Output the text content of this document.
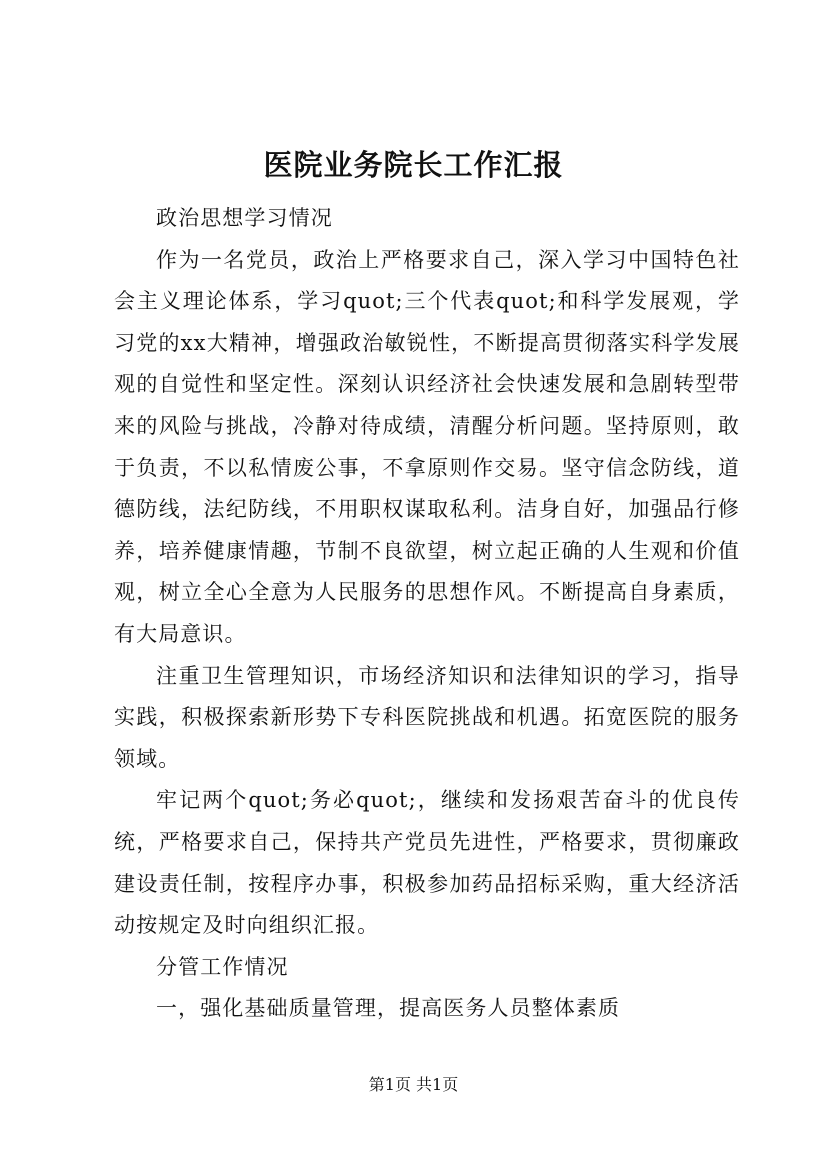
医院业务院长工作汇报

政治思想学习情况

作为一名党员，政治上严格要求自己，深入学习中国特色社会主义理论体系，学习quot;三个代表quot;和科学发展观，学习党的xx大精神，增强政治敏锐性，不断提高贯彻落实科学发展观的自觉性和坚定性。深刻认识经济社会快速发展和急剧转型带来的风险与挑战，冷静对待成绩，清醒分析问题。坚持原则，敢于负责，不以私情废公事，不拿原则作交易。坚守信念防线，道德防线，法纪防线，不用职权谋取私利。洁身自好，加强品行修养，培养健康情趣，节制不良欲望，树立起正确的人生观和价值观，树立全心全意为人民服务的思想作风。不断提高自身素质，有大局意识。

注重卫生管理知识，市场经济知识和法律知识的学习，指导实践，积极探索新形势下专科医院挑战和机遇。拓宽医院的服务领域。

牢记两个quot;务必quot;，继续和发扬艰苦奋斗的优良传统，严格要求自己，保持共产党员先进性，严格要求，贯彻廉政建设责任制，按程序办事，积极参加药品招标采购，重大经济活动按规定及时向组织汇报。

分管工作情况

一，强化基础质量管理，提高医务人员整体素质

第1页 共1页
